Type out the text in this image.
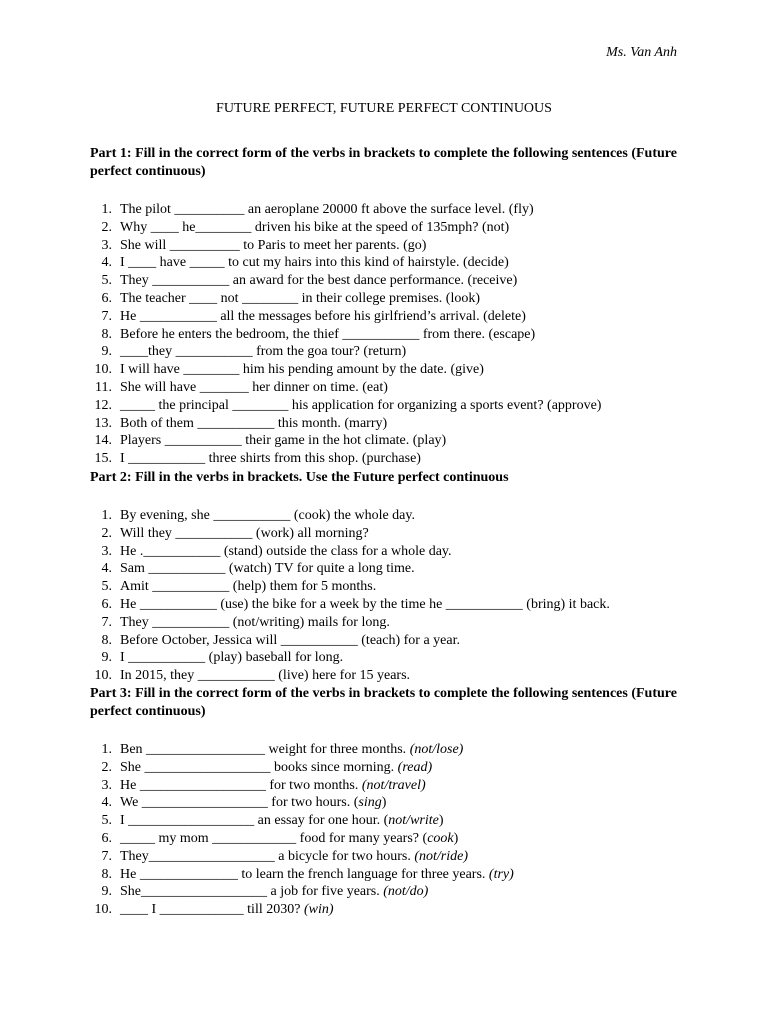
Ms. Van Anh
FUTURE PERFECT, FUTURE PERFECT CONTINUOUS
Part 1: Fill in the correct form of the verbs in brackets to complete the following sentences (Future perfect continuous)
1. The pilot __________ an aeroplane 20000 ft above the surface level. (fly)
2. Why ____ he________ driven his bike at the speed of 135mph? (not)
3. She will __________ to Paris to meet her parents. (go)
4. I ____ have _____ to cut my hairs into this kind of hairstyle. (decide)
5. They ___________ an award for the best dance performance. (receive)
6. The teacher ____ not ________ in their college premises. (look)
7. He ___________ all the messages before his girlfriend’s arrival. (delete)
8. Before he enters the bedroom, the thief ___________ from there. (escape)
9. ____they ___________ from the goa tour? (return)
10. I will have ________ him his pending amount by the date. (give)
11. She will have _______ her dinner on time. (eat)
12. _____ the principal ________ his application for organizing a sports event? (approve)
13. Both of them ___________ this month. (marry)
14. Players ___________ their game in the hot climate. (play)
15. I ___________ three shirts from this shop. (purchase)
Part 2: Fill in the verbs in brackets. Use the Future perfect continuous
1. By evening, she ___________ (cook) the whole day.
2. Will they ___________ (work) all morning?
3. He .___________ (stand) outside the class for a whole day.
4. Sam ___________ (watch) TV for quite a long time.
5. Amit ___________ (help) them for 5 months.
6. He ___________ (use) the bike for a week by the time he ___________ (bring) it back.
7. They ___________ (not/writing) mails for long.
8. Before October, Jessica will ___________ (teach) for a year.
9. I ___________ (play) baseball for long.
10. In 2015, they ___________ (live) here for 15 years.
Part 3: Fill in the correct form of the verbs in brackets to complete the following sentences (Future perfect continuous)
1. Ben _________________ weight for three months. (not/lose)
2. She __________________ books since morning. (read)
3. He __________________ for two months. (not/travel)
4. We __________________ for two hours. (sing)
5. I __________________ an essay for one hour. (not/write)
6. _____ my mom ____________ food for many years? (cook)
7. They__________________ a bicycle for two hours. (not/ride)
8. He ______________ to learn the french language for three years. (try)
9. She__________________ a job for five years. (not/do)
10. ____ I ____________ till 2030? (win)
